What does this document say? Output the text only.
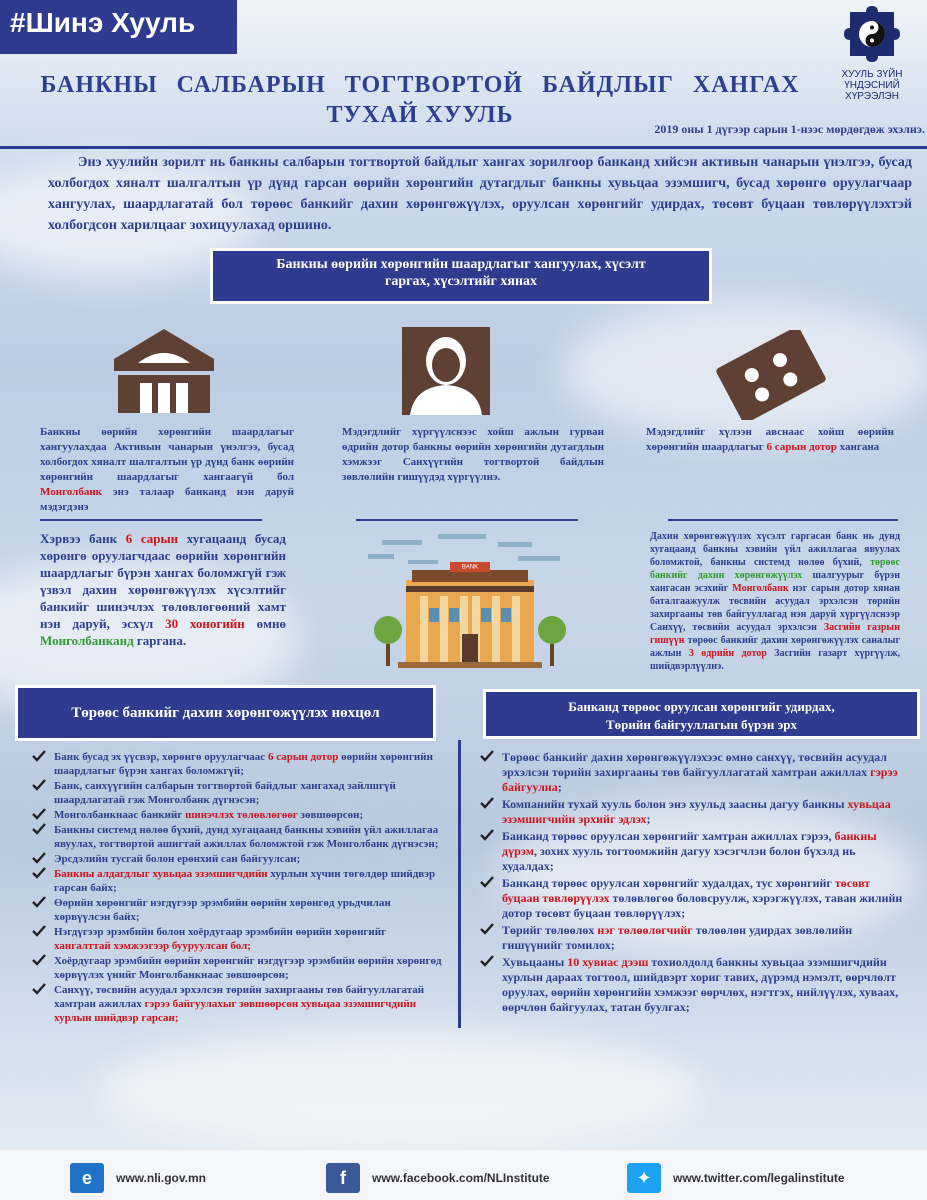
#Шинэ Хууль
ХУУЛЬ ЗҮЙН
ҮНДЭСНИЙ ХҮРЭЭЛЭН
БАНКНЫ САЛБАРЫН ТОГТВОРТОЙ БАЙДЛЫГ ХАНГАХ
ТУХАЙ ХУУЛЬ
2019 оны 1 дүгээр сарын 1-нээс мөрдөгдөж эхэлнэ.
Энэ хуулийн зорилт нь банкны салбарын тогтвортой байдлыг хангах зорилгоор банканд хийсэн активын чанарын үнэлгээ, бусад холбогдох хяналт шалгалтын үр дүнд гарсан өөрийн хөрөнгийн дутагдлыг банкны хувьцаа эзэмшигч, бусад хөрөнгө оруулагчаар хангуулах, шаардлагатай бол төрөөс банкийг дахин хөрөнгөжүүлэх, оруулсан хөрөнгийг удирдах, төсөвт буцаан төвлөрүүлэхтэй холбогдсон харилцааг зохицуулахад оршино.
Банкны өөрийн хөрөнгийн шаардлагыг хангуулах, хүсэлт
гаргах, хүсэлтийг хянах
Банкны өөрийн хөрөнгийн шаардлагыг хангуулахдаа Активын чанарын үнэлгээ, бусад холбогдох хяналт шалгалтын үр дүнд банк өөрийн хөрөнгийн шаардлагыг хангаагүй бол Монголбанк энэ талаар банканд нэн даруй мэдэгдэнэ
Мэдэгдлийг хүргүүлснээс хойш ажлын гурван өдрийн дотор банкны өөрийн хөрөнгийн дутагдлын хэмжээг Санхүүгийн тогтвортой байдлын зөвлөлийн гишүүдэд хүргүүлнэ.
Мэдэгдлийг хүлээн авснаас хойш өөрийн хөрөнгийн шаардлагыг 6 сарын дотор хангана
Хэрвээ банк 6 сарын хугацаанд бусад хөрөнгө оруулагчдаас өөрийн хөрөнгийн шаардлагыг бүрэн хангах боломжгүй гэж үзвэл дахин хөрөнгөжүүлэх хүсэлтийг банкийг шинэчлэх төлөвлөгөөний хамт нэн даруй, эсхүл 30 хоногийн өмнө Монголбанканд гаргана.
BANK
Дахин хөрөнгөжүүлэх хүсэлт гаргасан банк нь дунд хугацаанд банкны хэвийн үйл ажиллагаа явуулах боломжтой, банкны системд нөлөө бүхий, төрөөс банкийг дахин хөрөнгөжүүлэх шалгуурыг бүрэн хангасан эсэхийг Монголбанк нэг сарын дотор хянан баталгаажуулж төсвийн асуудал эрхэлсэн төрийн захиргааны төв байгууллагад нэн даруй хүргүүлснээр Санхүү, төсвийн асуудал эрхэлсэн Засгийн газрын гишүүн төрөөс банкийг дахин хөрөнгөжүүлэх саналыг ажлын 3 өдрийн дотор Засгийн газарт хүргүүлж, шийдвэрлүүлнэ.
Төрөөс банкийг дахин хөрөнгөжүүлэх нөхцөл	Банканд төрөөс оруулсан хөрөнгийг удирдах,
Төрийн байгууллагын бүрэн эрх
Банк бусад эх үүсвэр, хөрөнгө оруулагчаас 6 сарын дотор өөрийн хөрөнгийн шаардлагыг бүрэн хангах боломжгүй;
Банк, санхүүгийн салбарын тогтвортой байдлыг хангахад зайлшгүй шаардлагатай гэж Монголбанк дүгнэсэн;
Монголбанкнаас банкийг шинэчлэх төлөвлөгөөг зөвшөөрсөн;
Банкны системд нөлөө бүхий, дунд хугацаанд банкны хэвийн үйл ажиллагаа явуулах, тогтвортой ашигтай ажиллах боломжтой гэж Монголбанк дүгнэсэн;
Эрсдэлийн тусгай болон ерөнхий сан байгуулсан;
Банкны алдагдлыг хувьцаа эзэмшигчдийн хурлын хүчин төгөлдөр шийдвэр гарсан байх;
Өөрийн хөрөнгийг нэгдүгээр эрэмбийн өөрийн хөрөнгөд урьдчилан хөрвүүлсэн байх;
Нэгдүгээр эрэмбийн болон хоёрдугаар эрэмбийн өөрийн хөрөнгийг хангалттай хэмжээгээр бууруулсан бол;
Хоёрдугаар эрэмбийн өөрийн хөрөнгийг нэгдүгээр эрэмбийн өөрийн хөрөнгөд хөрвүүлэх үнийг Монголбанкнаас зөвшөөрсөн;
Санхүү, төсвийн асуудал эрхэлсэн төрийн захиргааны төв байгууллагатай хамтран ажиллах гэрээ байгуулахыг зөвшөөрсөн хувьцаа эзэмшигчдийн хурлын шийдвэр гарсан;
Төрөөс банкийг дахин хөрөнгөжүүлэхээс өмнө санхүү, төсвийн асуудал эрхэлсэн төрийн захиргааны төв байгууллагатай хамтран ажиллах гэрээ байгуулна;
Компанийн тухай хууль болон энэ хуульд заасны дагуу банкны хувьцаа эзэмшигчийн эрхийг эдлэх;
Банканд төрөөс оруулсан хөрөнгийг хамтран ажиллах гэрээ, банкны дүрэм, зохих хууль тогтоомжийн дагуу хэсэгчлэн болон бүхэлд нь худалдах;
Банканд төрөөс оруулсан хөрөнгийг худалдах, тус хөрөнгийг төсөвт буцаан төвлөрүүлэх төлөвлөгөө боловсруулж, хэрэгжүүлэх, таван жилийн дотор төсөвт буцаан төвлөрүүлэх;
Төрийг төлөөлөх нэг төлөөлөгчийг төлөөлөн удирдах зөвлөлийн гишүүнийг томилох;
Хувьцааны 10 хувиас дээш тохиолдолд банкны хувьцаа эзэмшигчдийн хурлын дараах тогтоол, шийдвэрт хориг тавих, дүрэмд нэмэлт, өөрчлөлт оруулах, өөрийн хөрөнгийн хэмжээг өөрчлөх, нэгтгэх, нийлүүлэх, хуваах, өөрчлөн байгуулах, татан буулгах;
e	www.nli.gov.mn	f	www.facebook.com/NLInstitute	✦	www.twitter.com/legalinstitute
